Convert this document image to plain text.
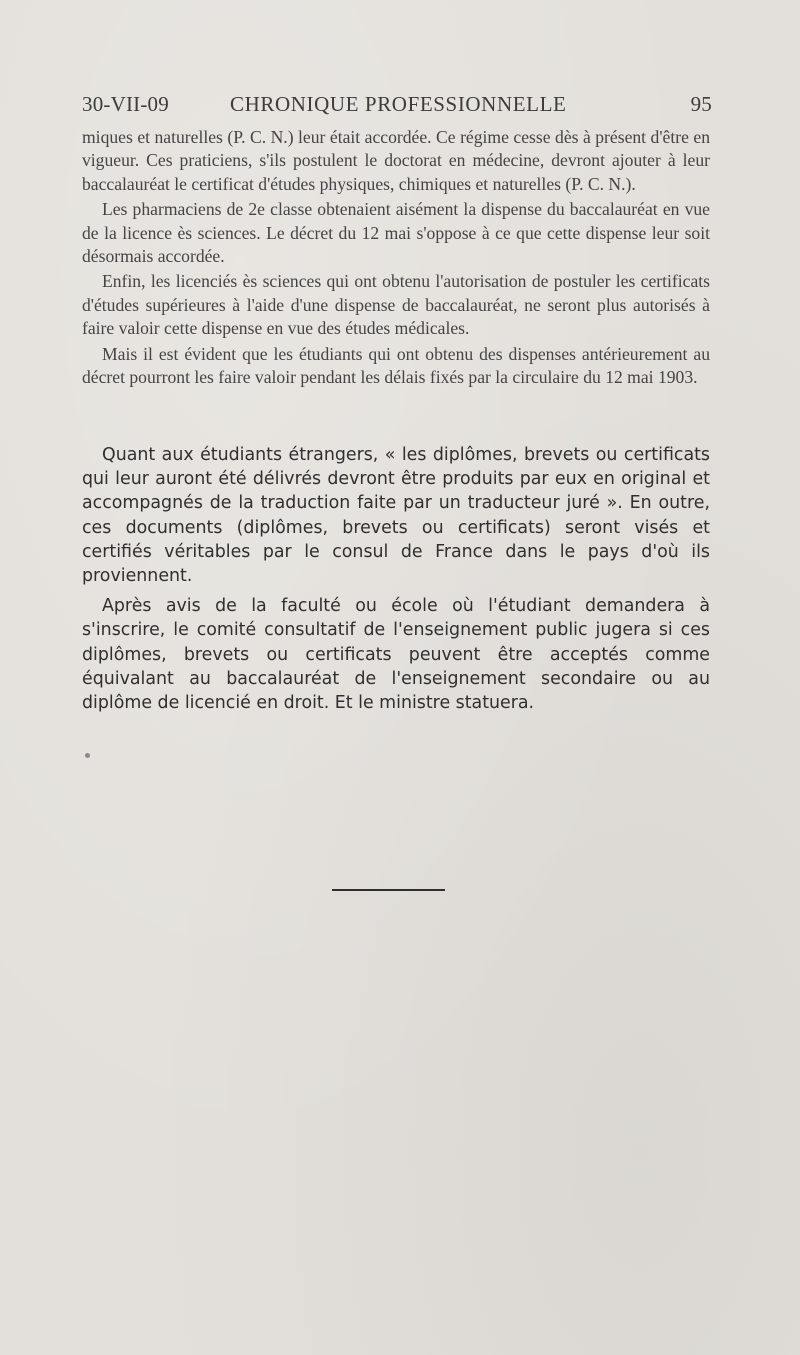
30-VII-09	CHRONIQUE PROFESSIONNELLE	95

miques et naturelles (P. C. N.) leur était accordée. Ce régime cesse dès à présent d'être en vigueur. Ces praticiens, s'ils postulent le doctorat en médecine, devront ajouter à leur baccalauréat le certificat d'études physiques, chimiques et naturelles (P. C. N.).

Les pharmaciens de 2e classe obtenaient aisément la dispense du baccalauréat en vue de la licence ès sciences. Le décret du 12 mai s'oppose à ce que cette dispense leur soit désormais accordée.

Enfin, les licenciés ès sciences qui ont obtenu l'autorisation de postuler les certificats d'études supérieures à l'aide d'une dispense de baccalauréat, ne seront plus autorisés à faire valoir cette dispense en vue des études médicales.

Mais il est évident que les étudiants qui ont obtenu des dispenses antérieurement au décret pourront les faire valoir pendant les délais fixés par la circulaire du 12 mai 1903.

Quant aux étudiants étrangers, « les diplômes, brevets ou certificats qui leur auront été délivrés devront être produits par eux en original et accompagnés de la traduction faite par un traducteur juré ». En outre, ces documents (diplômes, brevets ou certificats) seront visés et certifiés véritables par le consul de France dans le pays d'où ils proviennent.

Après avis de la faculté ou école où l'étudiant demandera à s'inscrire, le comité consultatif de l'enseignement public jugera si ces diplômes, brevets ou certificats peuvent être acceptés comme équivalant au baccalauréat de l'enseignement secondaire ou au diplôme de licencié en droit. Et le ministre statuera.
